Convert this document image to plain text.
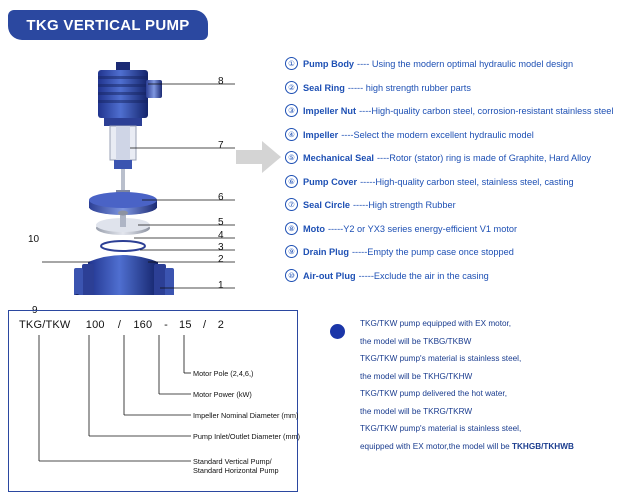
TKG VERTICAL PUMP
8
7
6
5
4
3
2
1
10
9
① Pump Body ---- Using the modern optimal hydraulic model design
② Seal Ring ----- high strength rubber parts
③ Impeller Nut ----High-quality carbon steel, corrosion-resistant stainless steel
④ Impeller ----Select the modern excellent hydraulic model
⑤ Mechanical Seal ----Rotor (stator) ring is made of Graphite, Hard Alloy
⑥ Pump Cover -----High-quality carbon steel, stainless steel, casting
⑦ Seal Circle -----High strength Rubber
⑧ Moto -----Y2 or YX3 series energy-efficient V1 motor
⑨ Drain Plug -----Empty the pump case once stopped
⑩ Air-out Plug -----Exclude the air in the casing
TKG/TKW 100 / 160 - 15 / 2
Motor Pole (2,4,6,)
Motor Power (kW)
Impeller Nominal Diameter (mm)
Pump Inlet/Outlet Diameter (mm)
Standard Vertical Pump/
Standard Horizontal Pump
TKG/TKW pump equipped with EX motor,
the model will be TKBG/TKBW
TKG/TKW pump's material is stainless steel,
the model will be TKHG/TKHW
TKG/TKW pump delivered the hot water,
the model will be TKRG/TKRW
TKG/TKW pump's material is stainless steel,
equipped with EX motor,the model will be TKHGB/TKHWB
